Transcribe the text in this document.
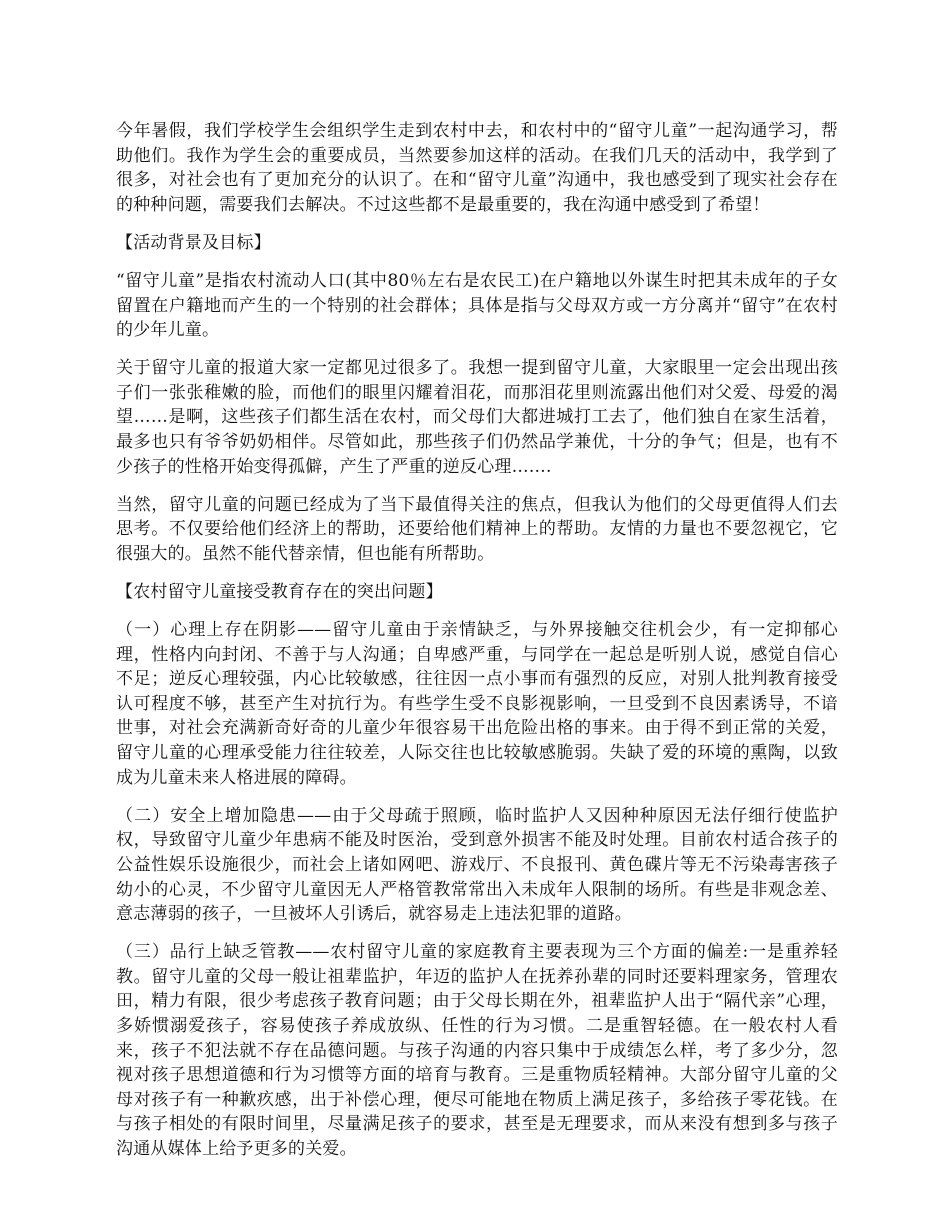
今年暑假，我们学校学生会组织学生走到农村中去，和农村中的“留守儿童”一起沟通学习，帮助他们。我作为学生会的重要成员，当然要参加这样的活动。在我们几天的活动中，我学到了很多，对社会也有了更加充分的认识了。在和“留守儿童”沟通中，我也感受到了现实社会存在的种种问题，需要我们去解决。不过这些都不是最重要的，我在沟通中感受到了希望！

【活动背景及目标】

“留守儿童”是指农村流动人口(其中80％左右是农民工)在户籍地以外谋生时把其未成年的子女留置在户籍地而产生的一个特别的社会群体；具体是指与父母双方或一方分离并“留守”在农村的少年儿童。

关于留守儿童的报道大家一定都见过很多了。我想一提到留守儿童，大家眼里一定会出现出孩子们一张张稚嫩的脸，而他们的眼里闪耀着泪花，而那泪花里则流露出他们对父爱、母爱的渴望……是啊，这些孩子们都生活在农村，而父母们大都进城打工去了，他们独自在家生活着，最多也只有爷爷奶奶相伴。尽管如此，那些孩子们仍然品学兼优，十分的争气；但是，也有不少孩子的性格开始变得孤僻，产生了严重的逆反心理…….

当然，留守儿童的问题已经成为了当下最值得关注的焦点，但我认为他们的父母更值得人们去思考。不仅要给他们经济上的帮助，还要给他们精神上的帮助。友情的力量也不要忽视它，它很强大的。虽然不能代替亲情，但也能有所帮助。

【农村留守儿童接受教育存在的突出问题】

（一）心理上存在阴影——留守儿童由于亲情缺乏，与外界接触交往机会少，有一定抑郁心理，性格内向封闭、不善于与人沟通；自卑感严重，与同学在一起总是听别人说，感觉自信心不足；逆反心理较强，内心比较敏感，往往因一点小事而有强烈的反应，对别人批判教育接受认可程度不够，甚至产生对抗行为。有些学生受不良影视影响，一旦受到不良因素诱导，不谙世事，对社会充满新奇好奇的儿童少年很容易干出危险出格的事来。由于得不到正常的关爱，留守儿童的心理承受能力往往较差，人际交往也比较敏感脆弱。失缺了爱的环境的熏陶，以致成为儿童未来人格进展的障碍。

（二）安全上增加隐患——由于父母疏于照顾，临时监护人又因种种原因无法仔细行使监护权，导致留守儿童少年患病不能及时医治，受到意外损害不能及时处理。目前农村适合孩子的公益性娱乐设施很少，而社会上诸如网吧、游戏厅、不良报刊、黄色碟片等无不污染毒害孩子幼小的心灵，不少留守儿童因无人严格管教常常出入未成年人限制的场所。有些是非观念差、意志薄弱的孩子，一旦被坏人引诱后，就容易走上违法犯罪的道路。

（三）品行上缺乏管教——农村留守儿童的家庭教育主要表现为三个方面的偏差:一是重养轻教。留守儿童的父母一般让祖辈监护，年迈的监护人在抚养孙辈的同时还要料理家务，管理农田，精力有限，很少考虑孩子教育问题；由于父母长期在外，祖辈监护人出于“隔代亲”心理，多娇惯溺爱孩子，容易使孩子养成放纵、任性的行为习惯。二是重智轻德。在一般农村人看来，孩子不犯法就不存在品德问题。与孩子沟通的内容只集中于成绩怎么样，考了多少分，忽视对孩子思想道德和行为习惯等方面的培育与教育。三是重物质轻精神。大部分留守儿童的父母对孩子有一种歉疚感，出于补偿心理，便尽可能地在物质上满足孩子，多给孩子零花钱。在与孩子相处的有限时间里，尽量满足孩子的要求，甚至是无理要求，而从来没有想到多与孩子沟通从媒体上给予更多的关爱。
